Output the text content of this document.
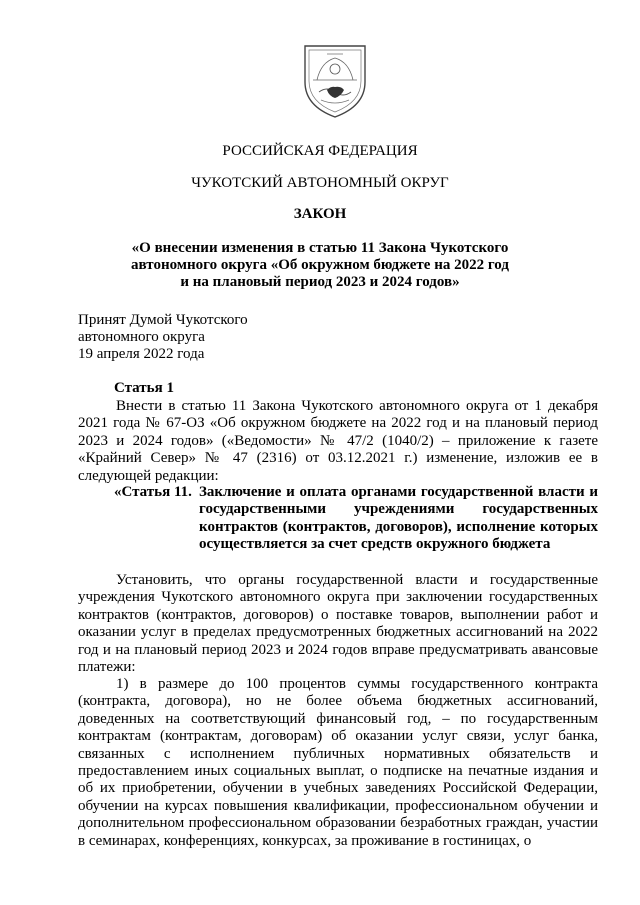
РОССИЙСКАЯ ФЕДЕРАЦИЯ
ЧУКОТСКИЙ АВТОНОМНЫЙ ОКРУГ
ЗАКОН
«О внесении изменения в статью 11 Закона Чукотского
автономного округа «Об окружном бюджете на 2022 год
и на плановый период 2023 и 2024 годов»
Принят Думой Чукотского
автономного округа
19 апреля 2022 года
Статья 1

Внести в статью 11 Закона Чукотского автономного округа от 1 декабря 2021 года № 67-ОЗ «Об окружном бюджете на 2022 год и на плановый период 2023 и 2024 годов» («Ведомости» № 47/2 (1040/2) – приложение к газете «Крайний Север» № 47 (2316) от 03.12.2021 г.) изменение, изложив ее в следующей редакции:

«Статья 11. Заключение и оплата органами государственной власти и государственными учреждениями государственных контрактов (контрактов, договоров), исполнение которых осуществляется за счет средств окружного бюджета

Установить, что органы государственной власти и государственные учреждения Чукотского автономного округа при заключении государственных контрактов (контрактов, договоров) о поставке товаров, выполнении работ и оказании услуг в пределах предусмотренных бюджетных ассигнований на 2022 год и на плановый период 2023 и 2024 годов вправе предусматривать авансовые платежи:

1) в размере до 100 процентов суммы государственного контракта (контракта, договора), но не более объема бюджетных ассигнований, доведенных на соответствующий финансовый год, – по государственным контрактам (контрактам, договорам) об оказании услуг связи, услуг банка, связанных с исполнением публичных нормативных обязательств и предоставлением иных социальных выплат, о подписке на печатные издания и об их приобретении, обучении в учебных заведениях Российской Федерации, обучении на курсах повышения квалификации, профессиональном обучении и дополнительном профессиональном образовании безработных граждан, участии в семинарах, конференциях, конкурсах, за проживание в гостиницах, о
